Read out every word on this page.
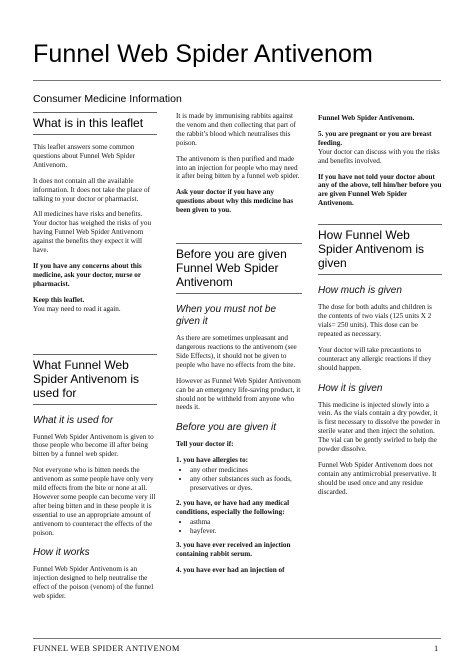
Funnel Web Spider Antivenom
Consumer Medicine Information
What is in this leaflet

This leaflet answers some common questions about Funnel Web Spider Antivenom.

It does not contain all the available information. It does not take the place of talking to your doctor or pharmacist.

All medicines have risks and benefits. Your doctor has weighed the risks of you having Funnel Web Spider Antivenom against the benefits they expect it will have.

If you have any concerns about this medicine, ask your doctor, nurse or pharmacist.

Keep this leaflet.

You may need to read it again.

What Funnel Web Spider Antivenom is used for
What it is used for

Funnel Web Spider Antivenom is given to those people who become ill after being bitten by a funnel web spider.

Not everyone who is bitten needs the antivenom as some people have only very mild effects from the bite or none at all. However some people can become very ill after being bitten and in these people it is essential to use an appropriate amount of antivenom to counteract the effects of the poison.

How it works

Funnel Web Spider Antivenom is an injection designed to help neutralise the effect of the poison (venom) of the funnel web spider.

It is made by immunising rabbits against the venom and then collecting that part of the rabbit’s blood which neutralises this poison.

The antivenom is then purified and made into an injection for people who may need it after being bitten by a funnel web spider.

Ask your doctor if you have any questions about why this medicine has been given to you.

Before you are given Funnel Web Spider Antivenom
When you must not be given it

As there are sometimes unpleasant and dangerous reactions to the antivenom (see Side Effects), it should not be given to people who have no effects from the bite.

However as Funnel Web Spider Antivenom can be an emergency life-saving product, it should not be withheld from anyone who needs it.

Before you are given it

Tell your doctor if:

1. you have allergies to:

• any other medicines
• any other substances such as foods, preservatives or dyes.

2. you have, or have had any medical conditions, especially the following:

• asthma
• hayfever.

3. you have ever received an injection containing rabbit serum.

4. you have ever had an injection of

Funnel Web Spider Antivenom.

5. you are pregnant or you are breast feeding.

Your doctor can discuss with you the risks and benefits involved.

If you have not told your doctor about any of the above, tell him/her before you are given Funnel Web Spider Antivenom.

How Funnel Web Spider Antivenom is given
How much is given

The dose for both adults and children is the contents of two vials (125 units X 2 vials= 250 units). This dose can be repeated as necessary.

Your doctor will take precautions to counteract any allergic reactions if they should happen.

How it is given

This medicine is injected slowly into a vein. As the vials contain a dry powder, it is first necessary to dissolve the powder in sterile water and then inject the solution. The vial can be gently swirled to help the powder dissolve.

Funnel Web Spider Antivenom does not contain any antimicrobial preservative. It should be used once and any residue discarded.

FUNNEL WEB SPIDER ANTIVENOM	1
